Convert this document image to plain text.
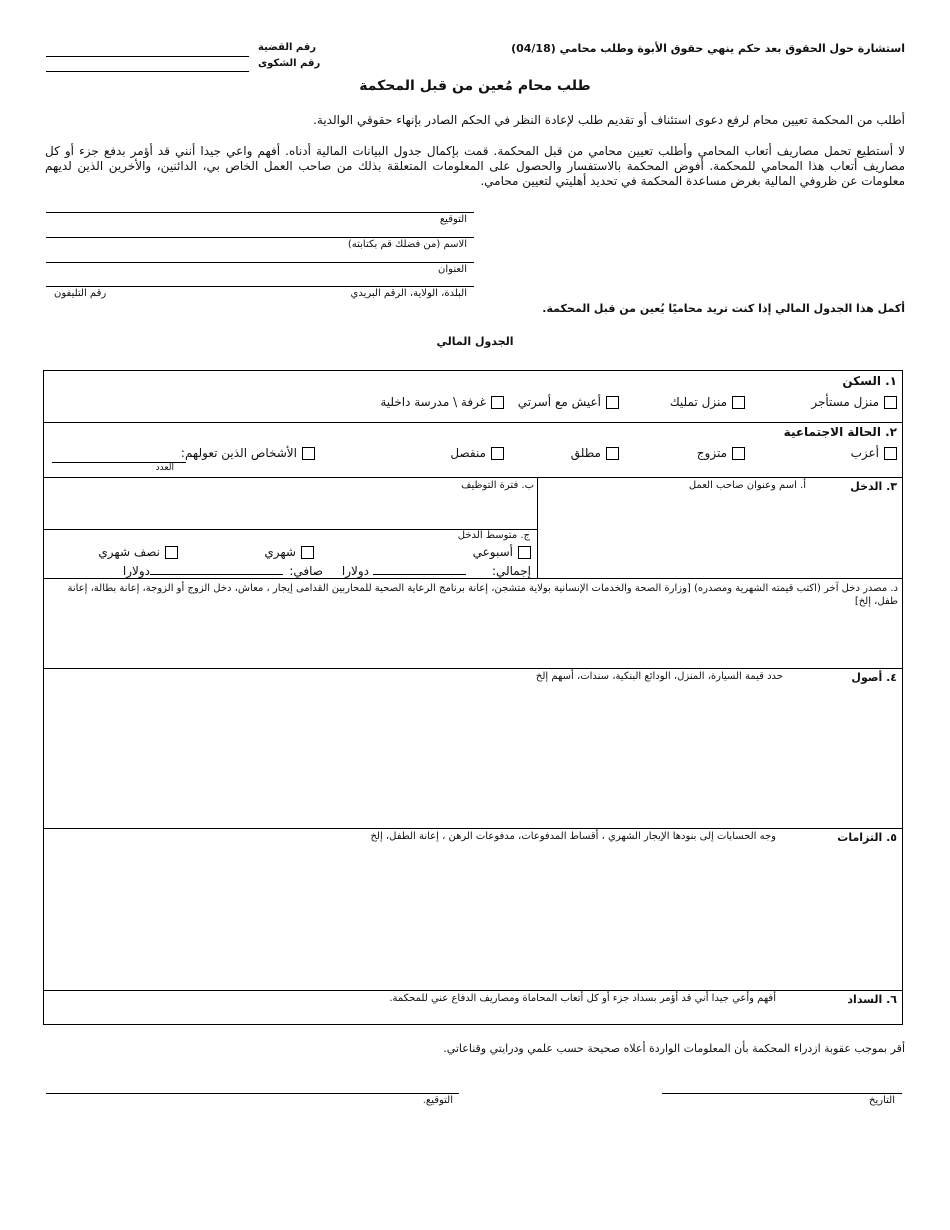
استشارة حول الحقوق بعد حكم ينهي حقوق الأبوة وطلب محامي (04/18)
رقم القضية
رقم الشكوى
طلب محام مُعين من قبل المحكمة
أطلب من المحكمة تعيين محام لرفع دعوى استئناف أو تقديم طلب لإعادة النظر في الحكم الصادر بإنهاء حقوقي الوالدية.
لا أستطيع تحمل مصاريف أتعاب المحامي وأطلب تعيين محامي من قبل المحكمة. قمت بإكمال جدول البيانات المالية أدناه. أفهم واعي جيدا أنني قد أؤمر بدفع جزء أو كل مصاريف أتعاب هذا المحامي للمحكمة. أفوض المحكمة بالاستفسار والحصول على المعلومات المتعلقة بذلك من صاحب العمل الخاص بي، الدائنين، والأخرين الذين لديهم معلومات عن ظروفي المالية بغرض مساعدة المحكمة في تحديد أهليتي لتعيين محامي.
التوقيع
الاسم (من فضلك قم بكتابته)
العنوان
البلدة، الولاية، الرقم البريدي
رقم التليفون
أكمل هذا الجدول المالي إذا كنت تريد محاميًا يُعين من قبل المحكمة.
الجدول المالي
١. السكن
منزل مستأجر
منزل تمليك
أعيش مع أسرتي
غرفة \ مدرسة داخلية
٢. الحالة الاجتماعية
أعزب
متزوج
مطلق
منفصل
الأشخاص الذين تعولهم:
العدد
٣. الدخل
أ. اسم وعنوان صاحب العمل
ب. فترة التوظيف
ج. متوسط الدخل
أسبوعي
شهري
نصف شهري
إجمالي:
دولارا
صافي:
دولارا
د. مصدر دخل آخر (اكتب قيمته الشهرية ومصدره) [وزارة الصحة والخدمات الإنسانية بولاية متشجن، إعانة برنامج الرعاية الصحية للمحاربين القدامى إيجار ، معاش، دخل الزوج أو الزوجة، إعانة بطالة، إعانة طفل، إلخ]
٤. أصول
حدد قيمة السيارة، المنزل، الودائع البنكية، سندات، أسهم إلخ
٥. التزامات
وجه الحسابات إلى بنودها الإيجار الشهري ، أقساط المدفوعات، مدفوعات الرهن ، إعانة الطفل، إلخ
٦. السداد
أفهم وأعي جيدا أني قد أؤمر بسداد جزء أو كل أتعاب المحاماة ومصاريف الدفاع عني للمحكمة.
أقر بموجب عقوبة ازدراء المحكمة بأن المعلومات الواردة أعلاه صحيحة حسب علمي ودرايتي وقناعاتي.
التاريخ
التوقيع.
